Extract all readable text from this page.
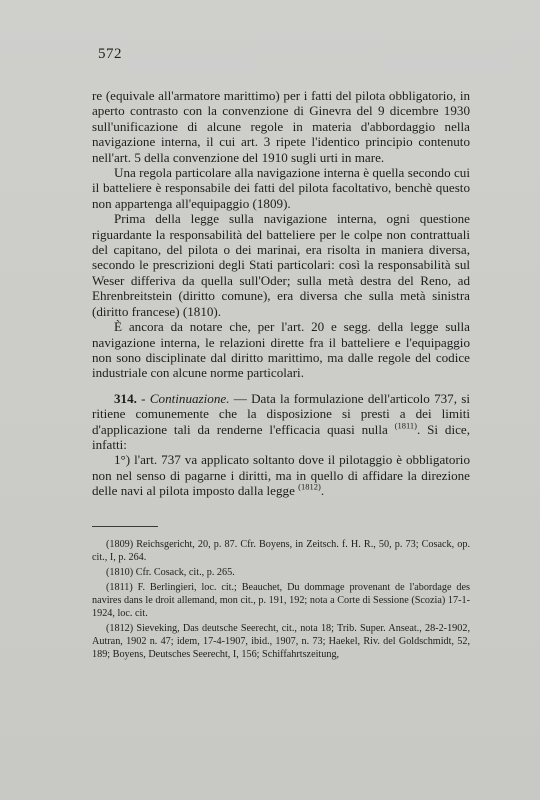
572

re (equivale all'armatore marittimo) per i fatti del pilota obbligatorio, in aperto contrasto con la convenzione di Ginevra del 9 dicembre 1930 sull'unificazione di alcune regole in materia d'abbordaggio nella navigazione interna, il cui art. 3 ripete l'identico principio contenuto nell'art. 5 della convenzione del 1910 sugli urti in mare.

Una regola particolare alla navigazione interna è quella secondo cui il batteliere è responsabile dei fatti del pilota facoltativo, benchè questo non appartenga all'equipaggio (1809).

Prima della legge sulla navigazione interna, ogni questione riguardante la responsabilità del batteliere per le colpe non contrattuali del capitano, del pilota o dei marinai, era risolta in maniera diversa, secondo le prescrizioni degli Stati particolari: così la responsabilità sul Weser differiva da quella sull'Oder; sulla metà destra del Reno, ad Ehrenbreitstein (diritto comune), era diversa che sulla metà sinistra (diritto francese) (1810).

È ancora da notare che, per l'art. 20 e segg. della legge sulla navigazione interna, le relazioni dirette fra il batteliere e l'equipaggio non sono disciplinate dal diritto marittimo, ma dalle regole del codice industriale con alcune norme particolari.

314. - Continuazione. — Data la formulazione dell'articolo 737, si ritiene comunemente che la disposizione si presti a dei limiti d'applicazione tali da renderne l'efficacia quasi nulla $^{(1811)}$. Si dice, infatti:

1°) l'art. 737 va applicato soltanto dove il pilotaggio è obbligatorio non nel senso di pagarne i diritti, ma in quello di affidare la direzione delle navi al pilota imposto dalla legge $^{(1812)}$.

(1809) Reichsgericht, 20, p. 87. Cfr. Boyens, in Zeitsch. f. H. R., 50, p. 73; Cosack, op. cit., I, p. 264.

(1810) Cfr. Cosack, cit., p. 265.

(1811) F. Berlingieri, loc. cit.; Beauchet, Du dommage provenant de l'abordage des navires dans le droit allemand, mon cit., p. 191, 192; nota a Corte di Sessione (Scozia) 17-1-1924, loc. cit.

(1812) Sieveking, Das deutsche Seerecht, cit., nota 18; Trib. Super. Anseat., 28-2-1902, Autran, 1902 n. 47; idem, 17-4-1907, ibid., 1907, n. 73; Haekel, Riv. del Goldschmidt, 52, 189; Boyens, Deutsches Seerecht, I, 156; Schiffahrtszeitung,
